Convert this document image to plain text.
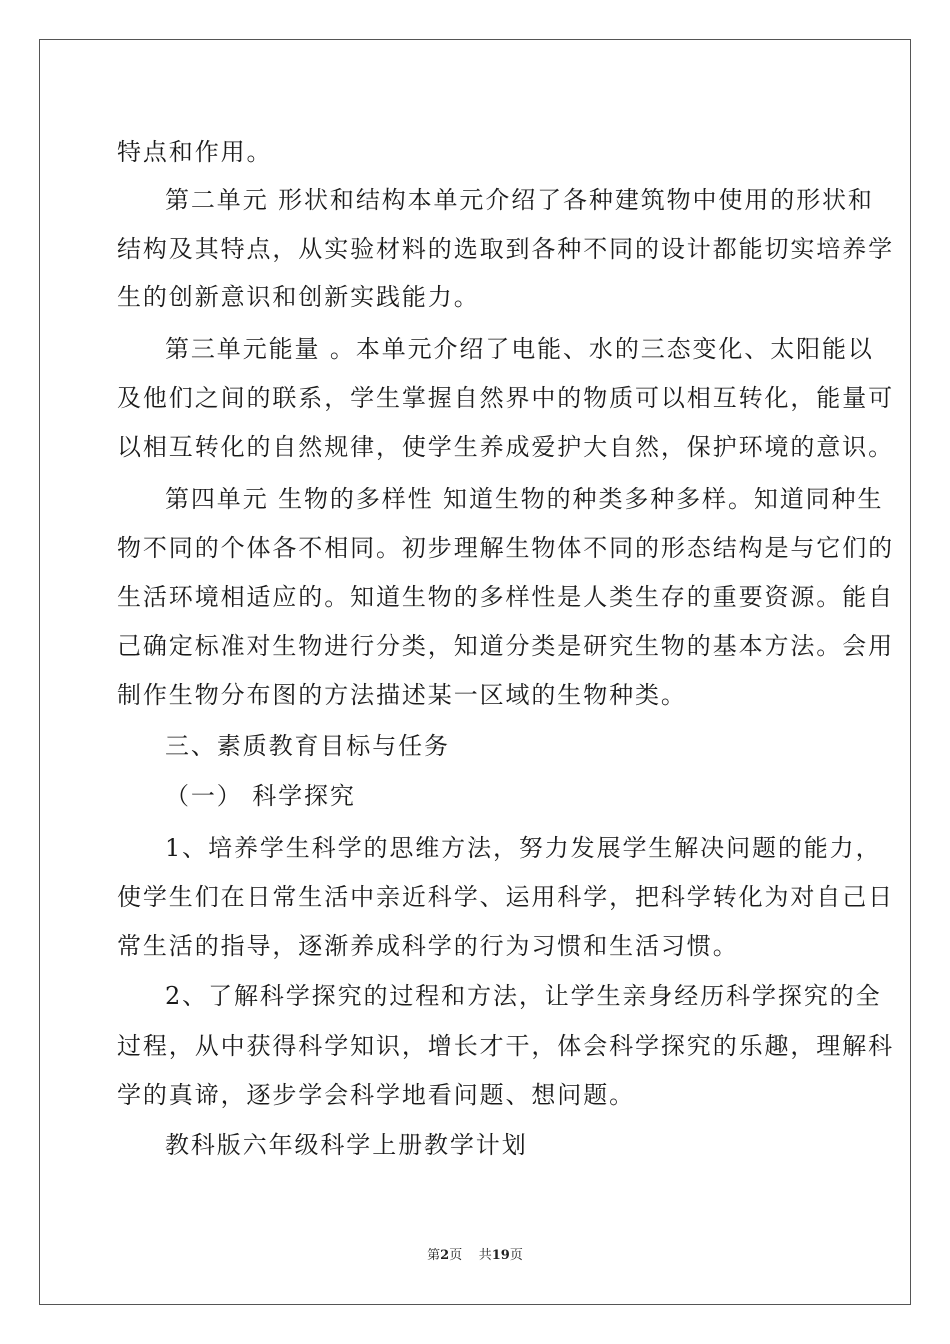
特点和作用。
第二单元 形状和结构本单元介绍了各种建筑物中使用的形状和
结构及其特点，从实验材料的选取到各种不同的设计都能切实培养学
生的创新意识和创新实践能力。
第三单元能量 。本单元介绍了电能、水的三态变化、太阳能以
及他们之间的联系，学生掌握自然界中的物质可以相互转化，能量可
以相互转化的自然规律，使学生养成爱护大自然，保护环境的意识。
第四单元 生物的多样性 知道生物的种类多种多样。知道同种生
物不同的个体各不相同。初步理解生物体不同的形态结构是与它们的
生活环境相适应的。知道生物的多样性是人类生存的重要资源。能自
己确定标准对生物进行分类，知道分类是研究生物的基本方法。会用
制作生物分布图的方法描述某一区域的生物种类。
三、素质教育目标与任务
（一） 科学探究
1、培养学生科学的思维方法，努力发展学生解决问题的能力，
使学生们在日常生活中亲近科学、运用科学，把科学转化为对自己日
常生活的指导，逐渐养成科学的行为习惯和生活习惯。
2、了解科学探究的过程和方法，让学生亲身经历科学探究的全
过程，从中获得科学知识，增长才干，体会科学探究的乐趣，理解科
学的真谛，逐步学会科学地看问题、想问题。
教科版六年级科学上册教学计划
第2页    共19页
